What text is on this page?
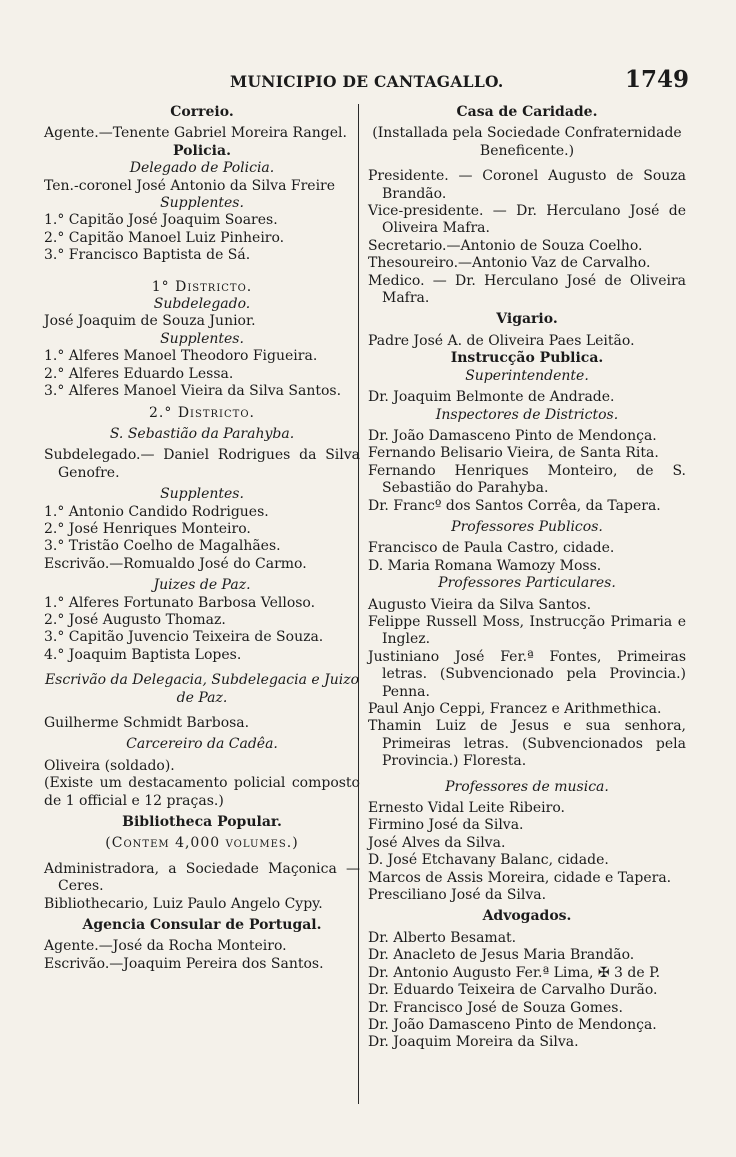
MUNICIPIO DE CANTAGALLO.	1749

Correio.

Agente.—Tenente Gabriel Moreira Rangel.

Policia.

Delegado de Policia.

Ten.-coronel José Antonio da Silva Freire

Supplentes.

1.° Capitão José Joaquim Soares.

2.° Capitão Manoel Luiz Pinheiro.

3.° Francisco Baptista de Sá.

1° Districto.

Subdelegado.

José Joaquim de Souza Junior.

Supplentes.

1.° Alferes Manoel Theodoro Figueira.

2.° Alferes Eduardo Lessa.

3.° Alferes Manoel Vieira da Silva Santos.

2.° Districto.

S. Sebastião da Parahyba.

Subdelegado.— Daniel Rodrigues da Silva Genofre.

Supplentes.

1.° Antonio Candido Rodrigues.

2.° José Henriques Monteiro.

3.° Tristão Coelho de Magalhães.

Escrivão.—Romualdo José do Carmo.

Juizes de Paz.

1.° Alferes Fortunato Barbosa Velloso.

2.° José Augusto Thomaz.

3.° Capitão Juvencio Teixeira de Souza.

4.° Joaquim Baptista Lopes.

Escrivão da Delegacia, Subdelegacia e Juizo de Paz.

Guilherme Schmidt Barbosa.

Carcereiro da Cadêa.

Oliveira (soldado).

(Existe um destacamento policial composto de 1 official e 12 praças.)

Bibliotheca Popular.

(Contem 4,000 volumes.)

Administradora, a Sociedade Maçonica — Ceres.

Bibliothecario, Luiz Paulo Angelo Cypy.

Agencia Consular de Portugal.

Agente.—José da Rocha Monteiro.

Escrivão.—Joaquim Pereira dos Santos.

Casa de Caridade.

(Installada pela Sociedade Confraternidade Beneficente.)

Presidente. — Coronel Augusto de Souza Brandão.

Vice-presidente. — Dr. Herculano José de Oliveira Mafra.

Secretario.—Antonio de Souza Coelho.

Thesoureiro.—Antonio Vaz de Carvalho.

Medico. — Dr. Herculano José de Oliveira Mafra.

Vigario.

Padre José A. de Oliveira Paes Leitão.

Instrucção Publica.

Superintendente.

Dr. Joaquim Belmonte de Andrade.

Inspectores de Districtos.

Dr. João Damasceno Pinto de Mendonça.

Fernando Belisario Vieira, de Santa Rita.

Fernando Henriques Monteiro, de S. Sebastião do Parahyba.

Dr. Francº dos Santos Corrêa, da Tapera.

Professores Publicos.

Francisco de Paula Castro, cidade.

D. Maria Romana Wamozy Moss.

Professores Particulares.

Augusto Vieira da Silva Santos.

Felippe Russell Moss, Instrucção Primaria e Inglez.

Justiniano José Fer.ª Fontes, Primeiras letras. (Subvencionado pela Provincia.) Penna.

Paul Anjo Ceppi, Francez e Arithmethica.

Thamin Luiz de Jesus e sua senhora, Primeiras letras. (Subvencionados pela Provincia.) Floresta.

Professores de musica.

Ernesto Vidal Leite Ribeiro.

Firmino José da Silva.

José Alves da Silva.

D. José Etchavany Balanc, cidade.

Marcos de Assis Moreira, cidade e Tapera.

Presciliano José da Silva.

Advogados.

Dr. Alberto Besamat.

Dr. Anacleto de Jesus Maria Brandão.

Dr. Antonio Augusto Fer.ª Lima, ✠ 3 de P.

Dr. Eduardo Teixeira de Carvalho Durão.

Dr. Francisco José de Souza Gomes.

Dr. João Damasceno Pinto de Mendonça.

Dr. Joaquim Moreira da Silva.
